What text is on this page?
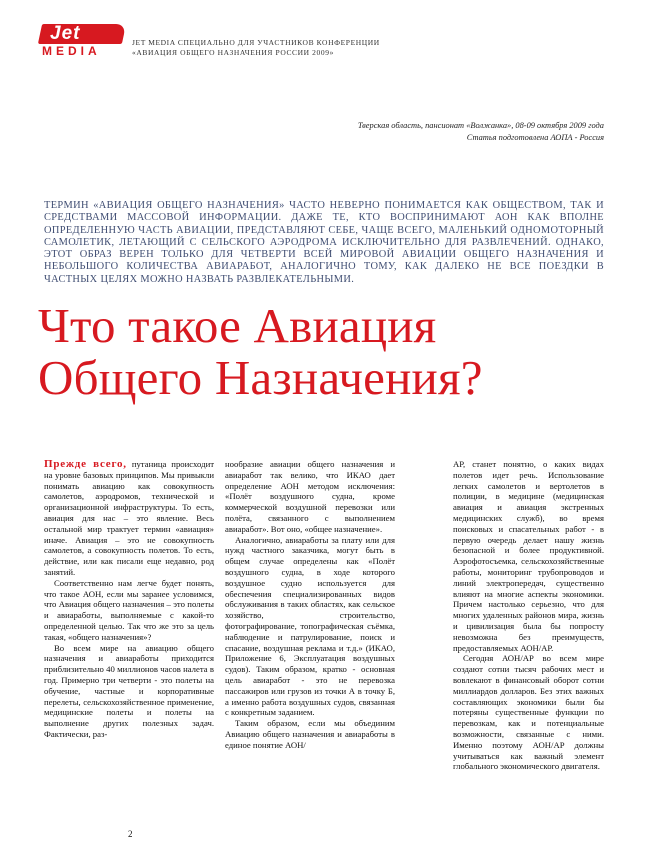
Jet
MEDIA
JET MEDIA СПЕЦИАЛЬНО ДЛЯ УЧАСТНИКОВ КОНФЕРЕНЦИИ
«АВИАЦИЯ ОБЩЕГО НАЗНАЧЕНИЯ РОССИИ 2009»
Тверская область, пансионат «Волжанка», 08-09 октября 2009 года
Статья подготовлена АОПА - Россия
ТЕРМИН «АВИАЦИЯ ОБЩЕГО НАЗНАЧЕНИЯ» ЧАСТО НЕВЕРНО ПОНИМАЕТСЯ КАК ОБЩЕСТВОМ, ТАК И СРЕДСТВАМИ МАССОВОЙ ИНФОРМАЦИИ. ДАЖЕ ТЕ, КТО ВОСПРИНИМАЮТ АОН КАК ВПОЛНЕ ОПРЕДЕЛЕННУЮ ЧАСТЬ АВИАЦИИ, ПРЕДСТАВЛЯЮТ СЕБЕ, ЧАЩЕ ВСЕГО, МАЛЕНЬКИЙ ОДНОМОТОРНЫЙ САМОЛЕТИК, ЛЕТАЮЩИЙ С СЕЛЬСКОГО АЭРОДРОМА ИСКЛЮЧИТЕЛЬНО ДЛЯ РАЗВЛЕЧЕНИЙ. ОДНАКО, ЭТОТ ОБРАЗ ВЕРЕН ТОЛЬКО ДЛЯ ЧЕТВЕРТИ ВСЕЙ МИРОВОЙ АВИАЦИИ ОБЩЕГО НАЗНАЧЕНИЯ И НЕБОЛЬШОГО КОЛИЧЕСТВА АВИАРАБОТ, АНАЛОГИЧНО ТОМУ, КАК ДАЛЕКО НЕ ВСЕ ПОЕЗДКИ В ЧАСТНЫХ ЦЕЛЯХ МОЖНО НАЗВАТЬ РАЗВЛЕКАТЕЛЬНЫМИ.
Что такое Авиация
Общего Назначения?

Прежде всего, путаница происходит на уровне базовых принципов. Мы привыкли понимать авиацию как совокупность самолетов, аэродромов, технической и организационной инфраструктуры. То есть, авиация для нас – это явление. Весь остальной мир трактует термин «авиация» иначе. Авиация – это не совокупность самолетов, а совокупность полетов. То есть, действие, или как писали еще недавно, род занятий.

Соответственно нам легче будет понять, что такое АОН, если мы заранее условимся, что Авиация общего назначения – это полеты и авиаработы, выполняемые с какой-то определенной целью. Так что же это за цель такая, «общего назначения»?

Во всем мире на авиацию общего назначения и авиаработы приходится приблизительно 40 миллионов часов налета в год. Примерно три четверти - это полеты на обучение, частные и корпоративные перелеты, сельскохозяйственное применение, медицинские полеты и полеты на выполнение других полезных задач. Фактически, раз-

нообразие авиации общего назначения и авиаработ так велико, что ИКАО дает определение АОН методом исключения: «Полёт воздушного судна, кроме коммерческой воздушной перевозки или полёта, связанного с выполнением авиаработ». Вот оно, «общее назначение».

Аналогично, авиаработы за плату или для нужд частного заказчика, могут быть в общем случае определены как «Полёт воздушного судна, в ходе которого воздушное судно используется для обеспечения специализированных видов обслуживания в таких областях, как сельское хозяйство, строительство, фотографирование, топографическая съёмка, наблюдение и патрулирование, поиск и спасание, воздушная реклама и т.д.» (ИКАО, Приложение 6, Эксплуатация воздушных судов). Таким образом, кратко - основная цель авиаработ - это не перевозка пассажиров или грузов из точки А в точку Б, а именно работа воздушных судов, связанная с конкретным заданием.

Таким образом, если мы объединим Авиацию общего назначения и авиаработы в единое понятие АОН/

АР, станет понятно, о каких видах полетов идет речь. Использование легких самолетов и вертолетов в полиции, в медицине (медицинская авиация и авиация экстренных медицинских служб), во время поисковых и спасательных работ - в первую очередь делает нашу жизнь безопасной и более продуктивной. Аэрофотосъемка, сельскохозяйственные работы, мониторинг трубопроводов и линий электропередач, существенно влияют на многие аспекты экономики. Причем настолько серьезно, что для многих удаленных районов мира, жизнь и цивилизация была бы попросту невозможна без преимуществ, предоставляемых АОН/АР.

Сегодня АОН/АР во всем мире создают сотни тысяч рабочих мест и вовлекают в финансовый оборот сотни миллиардов долларов. Без этих важных составляющих экономики были бы потеряны существенные функции по перевозкам, как и потенциальные возможности, связанные с ними. Именно поэтому АОН/АР должны учитываться как важный элемент глобального экономического двигателя.

2
